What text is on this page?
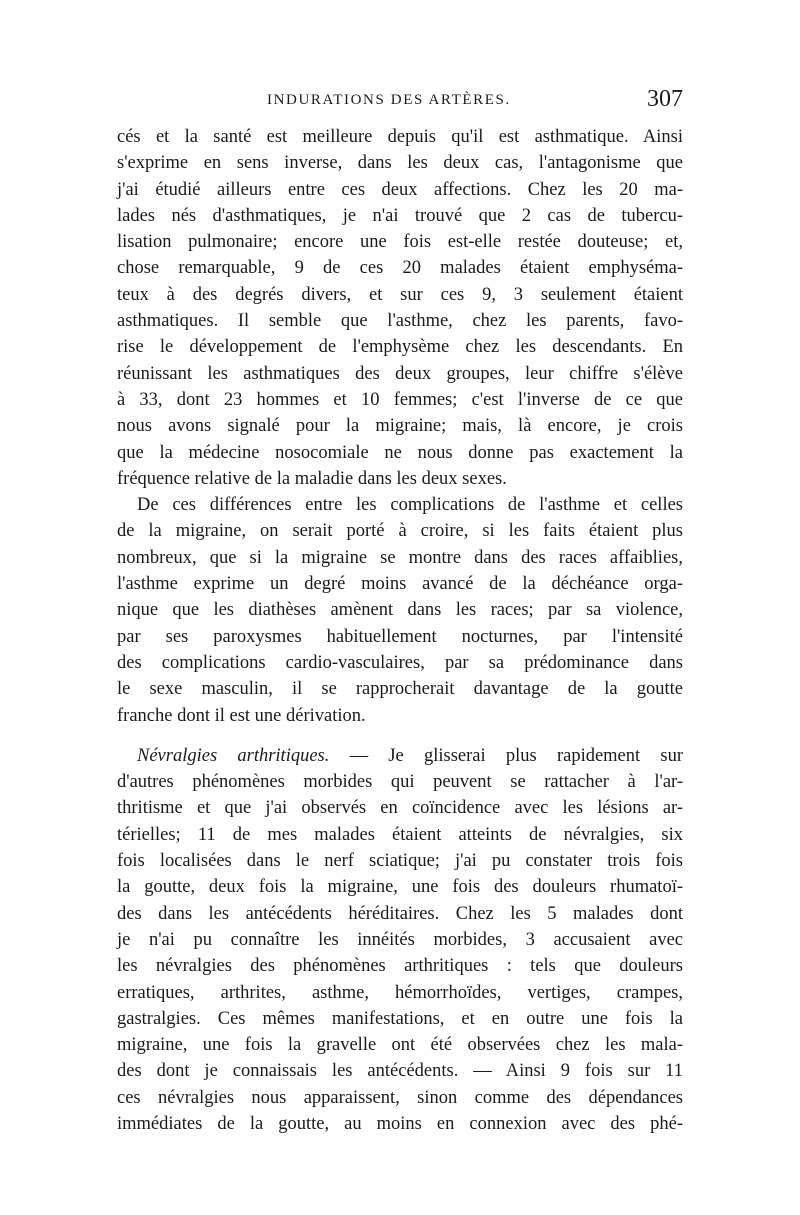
INDURATIONS DES ARTÈRES.	307
cés et la santé est meilleure depuis qu'il est asthmatique. Ainsi
s'exprime en sens inverse, dans les deux cas, l'antagonisme que
j'ai étudié ailleurs entre ces deux affections. Chez les 20 ma-
lades nés d'asthmatiques, je n'ai trouvé que 2 cas de tubercu-
lisation pulmonaire; encore une fois est-elle restée douteuse; et,
chose remarquable, 9 de ces 20 malades étaient emphyséma-
teux à des degrés divers, et sur ces 9, 3 seulement étaient
asthmatiques. Il semble que l'asthme, chez les parents, favo-
rise le développement de l'emphysème chez les descendants. En
réunissant les asthmatiques des deux groupes, leur chiffre s'élève
à 33, dont 23 hommes et 10 femmes; c'est l'inverse de ce que
nous avons signalé pour la migraine; mais, là encore, je crois
que la médecine nosocomiale ne nous donne pas exactement la
fréquence relative de la maladie dans les deux sexes.
De ces différences entre les complications de l'asthme et celles
de la migraine, on serait porté à croire, si les faits étaient plus
nombreux, que si la migraine se montre dans des races affaiblies,
l'asthme exprime un degré moins avancé de la déchéance orga-
nique que les diathèses amènent dans les races; par sa violence,
par ses paroxysmes habituellement nocturnes, par l'intensité
des complications cardio-vasculaires, par sa prédominance dans
le sexe masculin, il se rapprocherait davantage de la goutte
franche dont il est une dérivation.
Névralgies arthritiques. — Je glisserai plus rapidement sur
d'autres phénomènes morbides qui peuvent se rattacher à l'ar-
thritisme et que j'ai observés en coïncidence avec les lésions ar-
térielles; 11 de mes malades étaient atteints de névralgies, six
fois localisées dans le nerf sciatique; j'ai pu constater trois fois
la goutte, deux fois la migraine, une fois des douleurs rhumatoï-
des dans les antécédents héréditaires. Chez les 5 malades dont
je n'ai pu connaître les innéités morbides, 3 accusaient avec
les névralgies des phénomènes arthritiques : tels que douleurs
erratiques, arthrites, asthme, hémorrhoïdes, vertiges, crampes,
gastralgies. Ces mêmes manifestations, et en outre une fois la
migraine, une fois la gravelle ont été observées chez les mala-
des dont je connaissais les antécédents. — Ainsi 9 fois sur 11
ces névralgies nous apparaissent, sinon comme des dépendances
immédiates de la goutte, au moins en connexion avec des phé-
